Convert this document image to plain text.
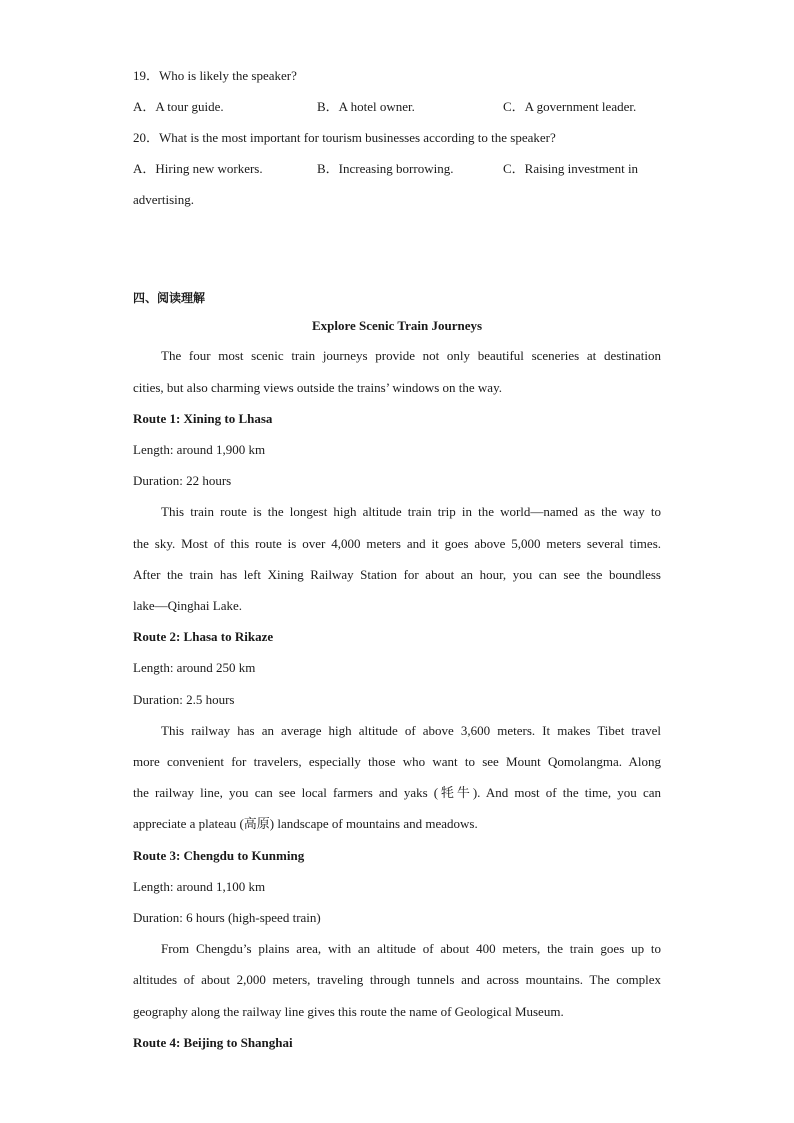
19．Who is likely the speaker?
A．A tour guide.	B．A hotel owner.	C．A government leader.
20．What is the most important for tourism businesses according to the speaker?
A．Hiring new workers.	B．Increasing borrowing.	C．Raising investment in
advertising.
四、阅读理解
Explore Scenic Train Journeys
The four most scenic train journeys provide not only beautiful sceneries at destination
cities, but also charming views outside the trains’ windows on the way.
Route 1: Xining to Lhasa
Length: around 1,900 km
Duration: 22 hours
This train route is the longest high altitude train trip in the world—named as the way to
the sky. Most of this route is over 4,000 meters and it goes above 5,000 meters several times.
After the train has left Xining Railway Station for about an hour, you can see the boundless
lake—Qinghai Lake.
Route 2: Lhasa to Rikaze
Length: around 250 km
Duration: 2.5 hours
This railway has an average high altitude of above 3,600 meters. It makes Tibet travel
more convenient for travelers, especially those who want to see Mount Qomolangma. Along
the railway line, you can see local farmers and yaks (牦牛). And most of the time, you can
appreciate a plateau (高原) landscape of mountains and meadows.
Route 3: Chengdu to Kunming
Length: around 1,100 km
Duration: 6 hours (high-speed train)
From Chengdu’s plains area, with an altitude of about 400 meters, the train goes up to
altitudes of about 2,000 meters, traveling through tunnels and across mountains. The complex
geography along the railway line gives this route the name of Geological Museum.
Route 4: Beijing to Shanghai
